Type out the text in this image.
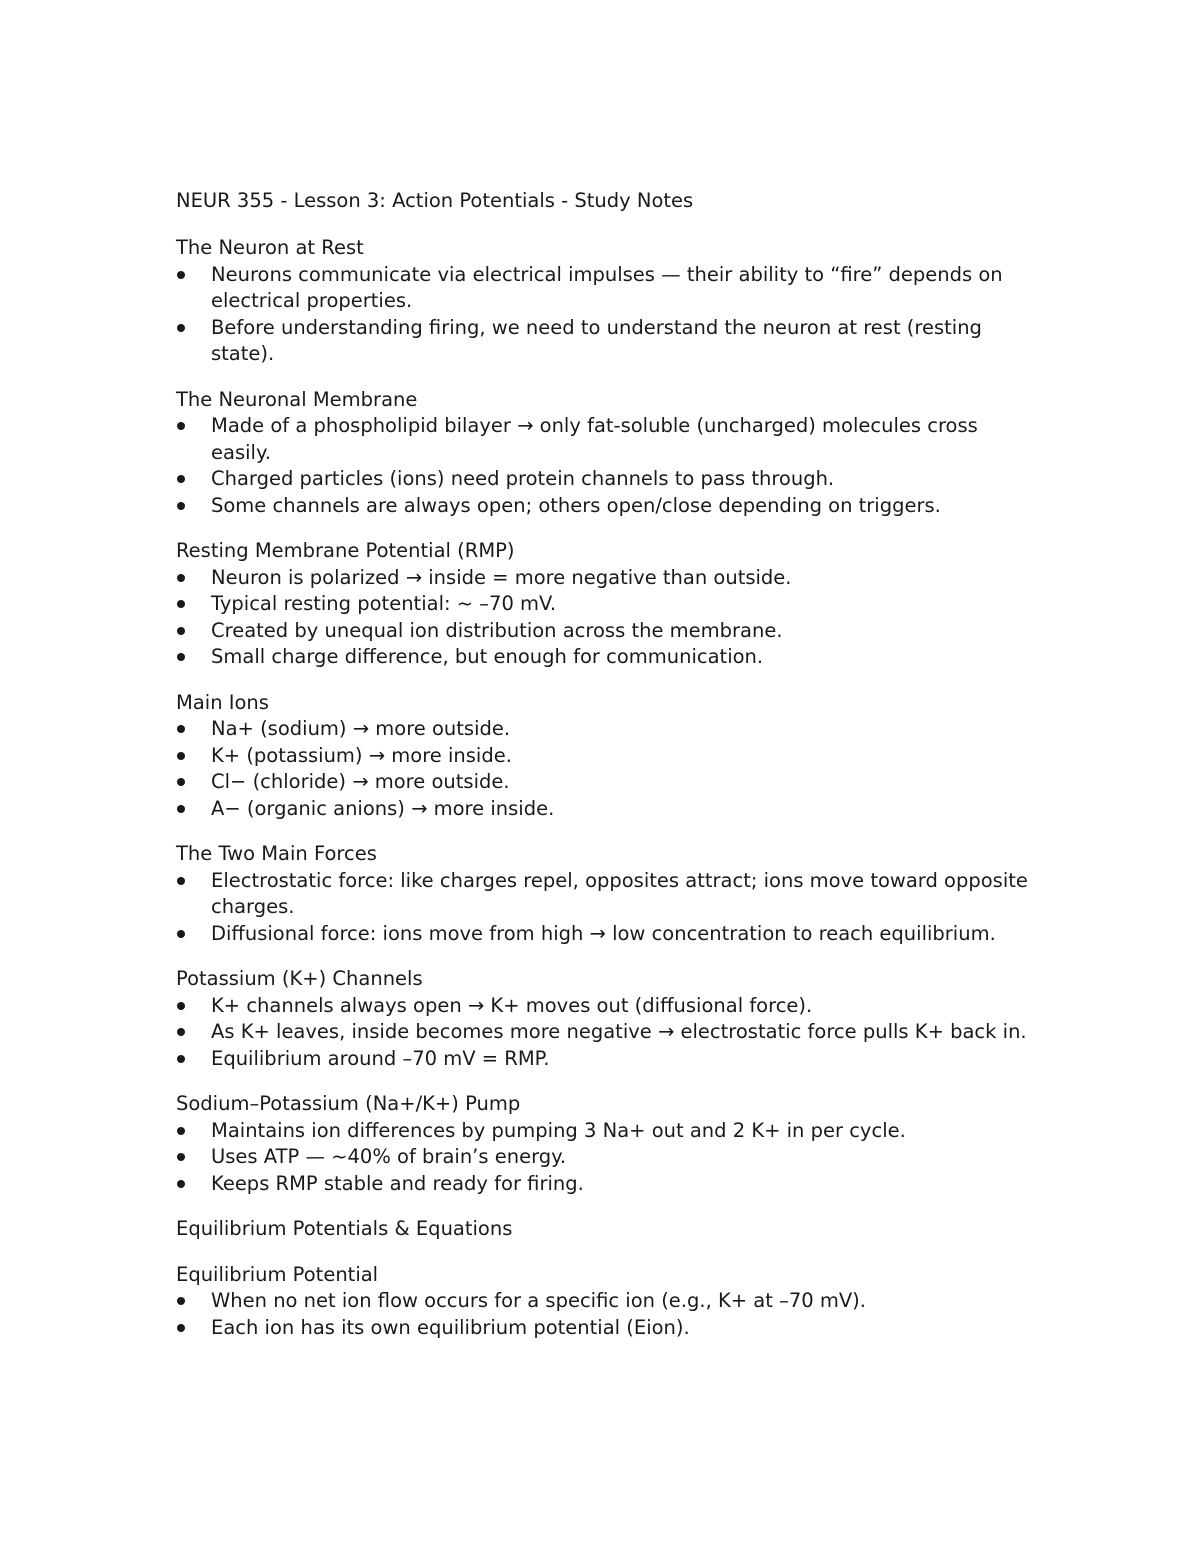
NEUR 355 - Lesson 3: Action Potentials - Study Notes
The Neuron at Rest
Neurons communicate via electrical impulses — their ability to “fire” depends on electrical properties.
Before understanding firing, we need to understand the neuron at rest (resting state).
The Neuronal Membrane
Made of a phospholipid bilayer → only fat-soluble (uncharged) molecules cross easily.
Charged particles (ions) need protein channels to pass through.
Some channels are always open; others open/close depending on triggers.
Resting Membrane Potential (RMP)
Neuron is polarized → inside = more negative than outside.
Typical resting potential: ~ –70 mV.
Created by unequal ion distribution across the membrane.
Small charge difference, but enough for communication.
Main Ions
Na+ (sodium) → more outside.
K+ (potassium) → more inside.
Cl− (chloride) → more outside.
A− (organic anions) → more inside.
The Two Main Forces
Electrostatic force: like charges repel, opposites attract; ions move toward opposite charges.
Diffusional force: ions move from high → low concentration to reach equilibrium.
Potassium (K+) Channels
K+ channels always open → K+ moves out (diffusional force).
As K+ leaves, inside becomes more negative → electrostatic force pulls K+ back in.
Equilibrium around –70 mV = RMP.
Sodium–Potassium (Na+/K+) Pump
Maintains ion differences by pumping 3 Na+ out and 2 K+ in per cycle.
Uses ATP — ~40% of brain’s energy.
Keeps RMP stable and ready for firing.
Equilibrium Potentials & Equations
Equilibrium Potential
When no net ion flow occurs for a specific ion (e.g., K+ at –70 mV).
Each ion has its own equilibrium potential (Eion).
